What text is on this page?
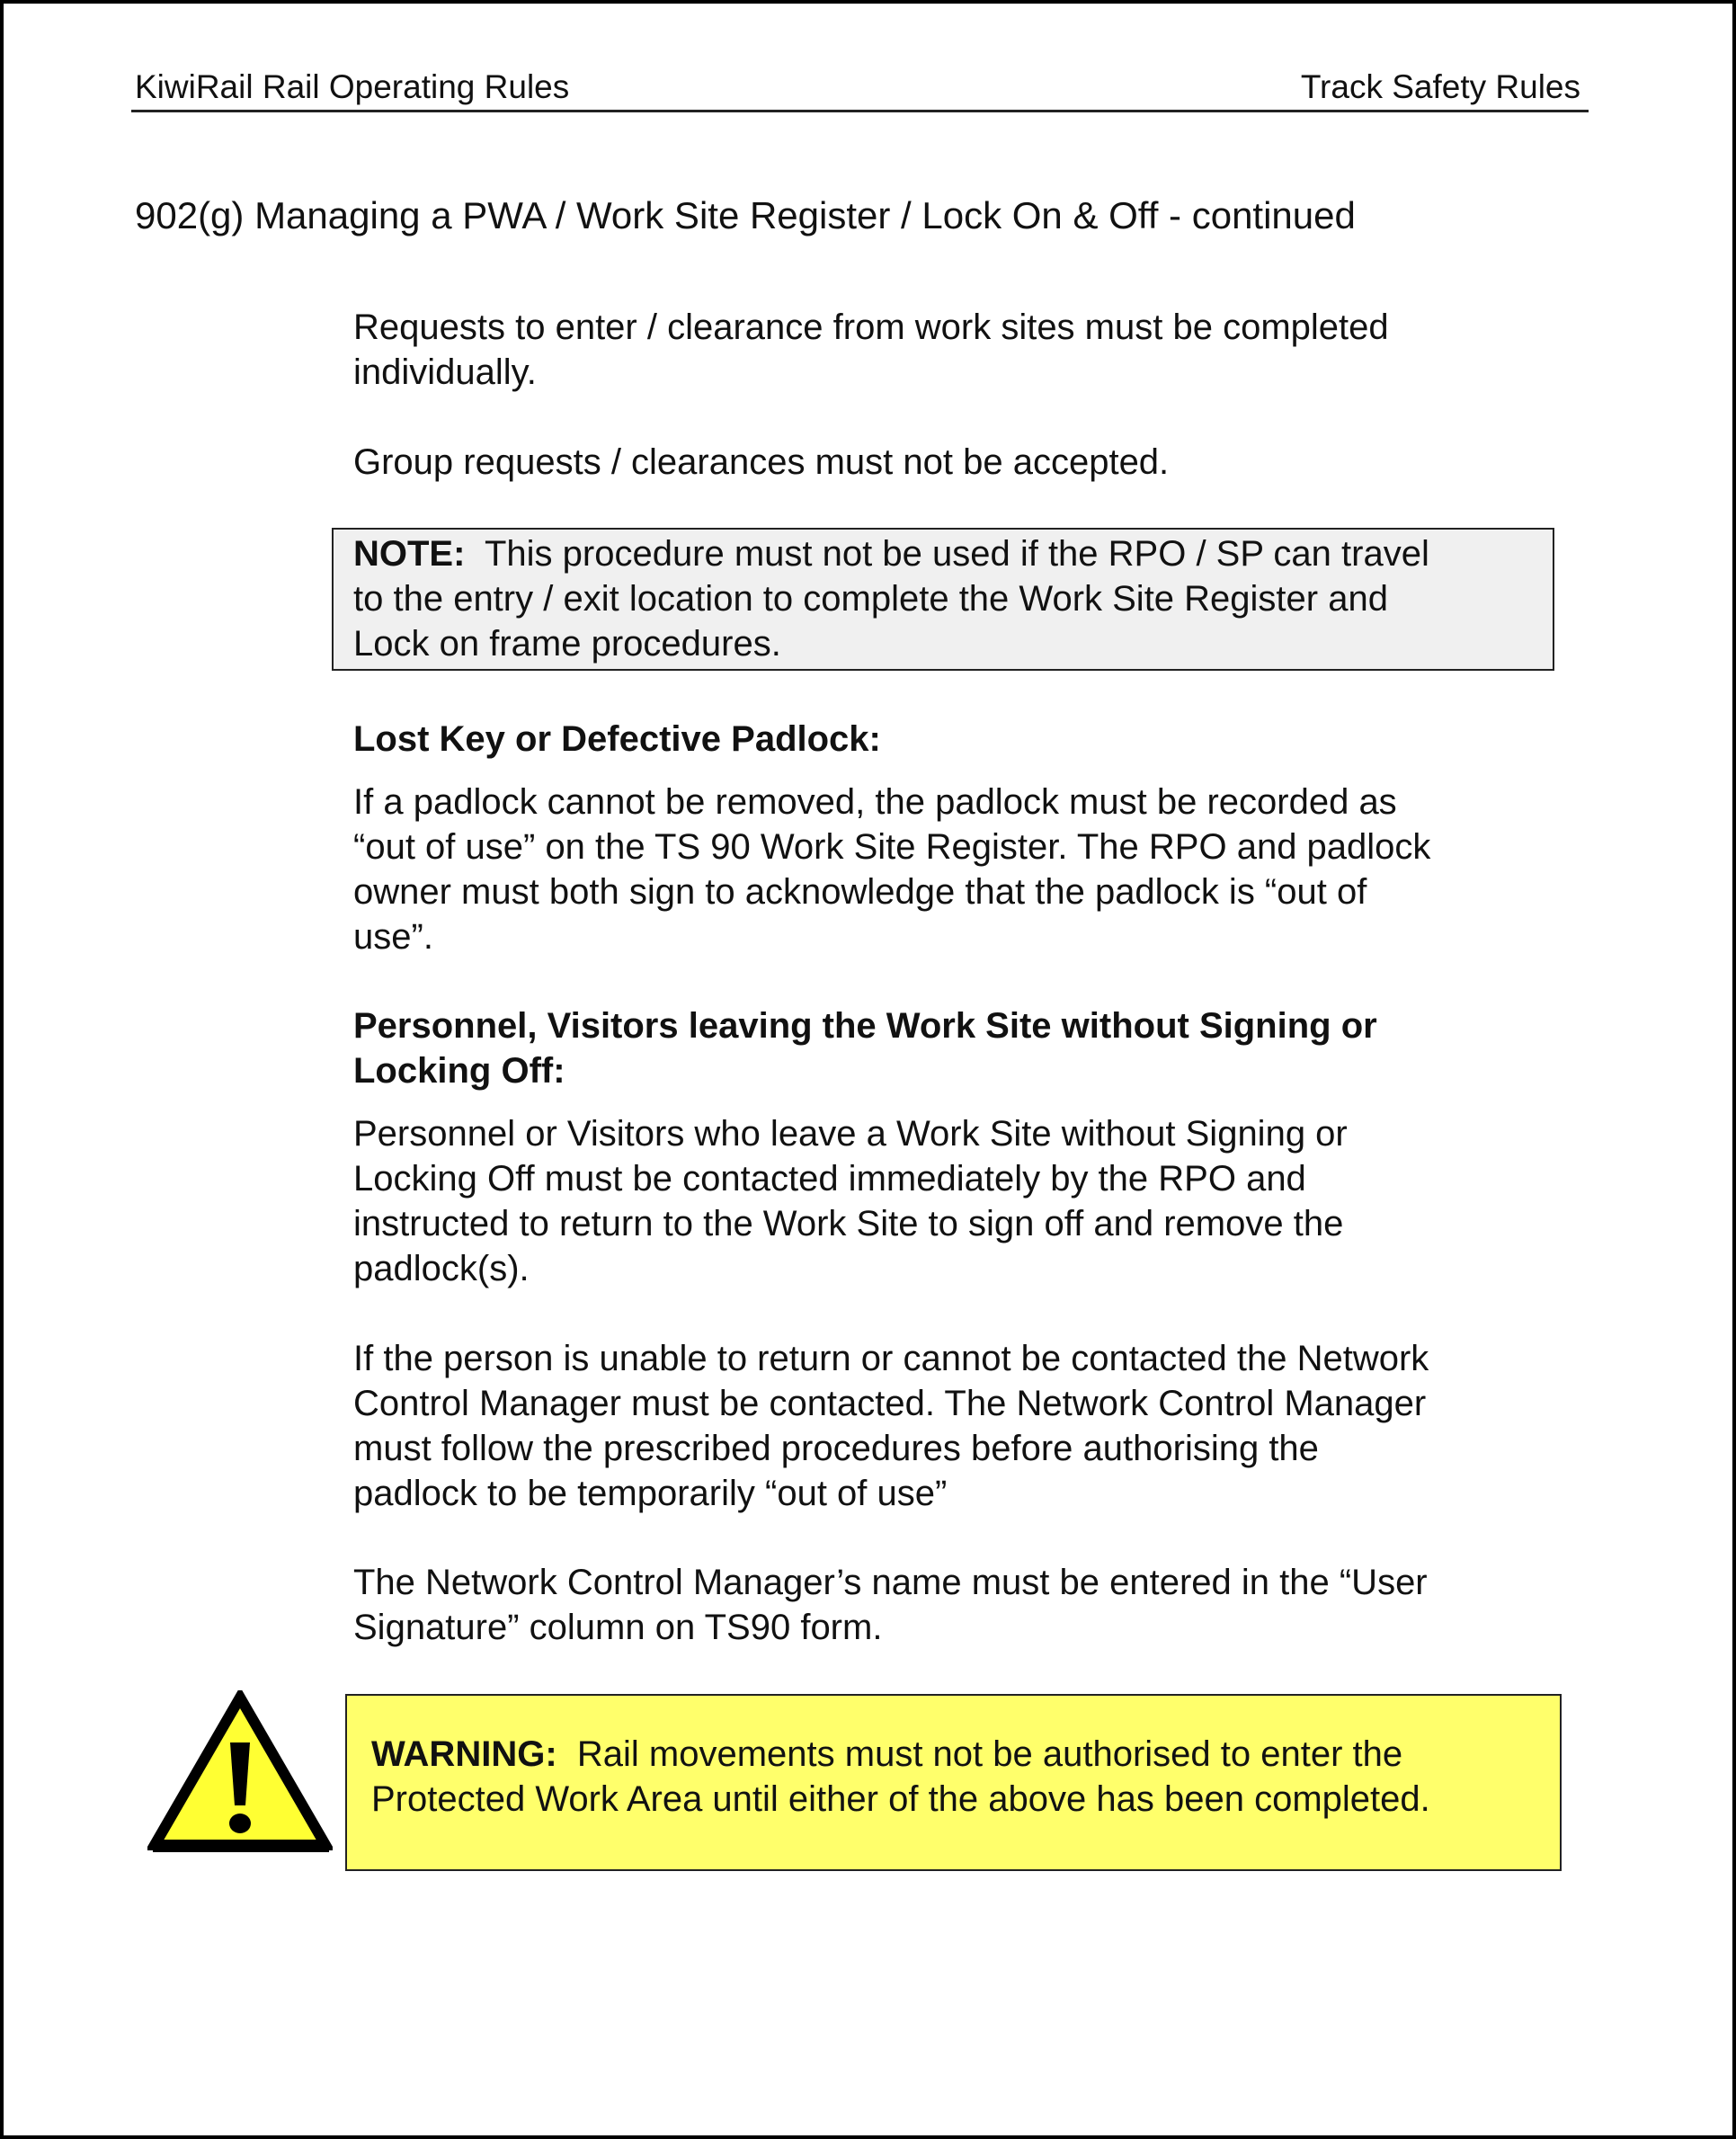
KiwiRail Rail Operating Rules	Track Safety Rules
902(g) Managing a PWA / Work Site Register / Lock On & Off - continued
Requests to enter / clearance from work sites must be completed
individually.
Group requests / clearances must not be accepted.
NOTE: This procedure must not be used if the RPO / SP can travel
to the entry / exit location to complete the Work Site Register and
Lock on frame procedures.
Lost Key or Defective Padlock:
If a padlock cannot be removed, the padlock must be recorded as
“out of use” on the TS 90 Work Site Register. The RPO and padlock
owner must both sign to acknowledge that the padlock is “out of
use”.
Personnel, Visitors leaving the Work Site without Signing or
Locking Off:
Personnel or Visitors who leave a Work Site without Signing or
Locking Off must be contacted immediately by the RPO and
instructed to return to the Work Site to sign off and remove the
padlock(s).
If the person is unable to return or cannot be contacted the Network
Control Manager must be contacted. The Network Control Manager
must follow the prescribed procedures before authorising the
padlock to be temporarily “out of use”
The Network Control Manager’s name must be entered in the “User
Signature” column on TS90 form.
WARNING: Rail movements must not be authorised to enter the
Protected Work Area until either of the above has been completed.
